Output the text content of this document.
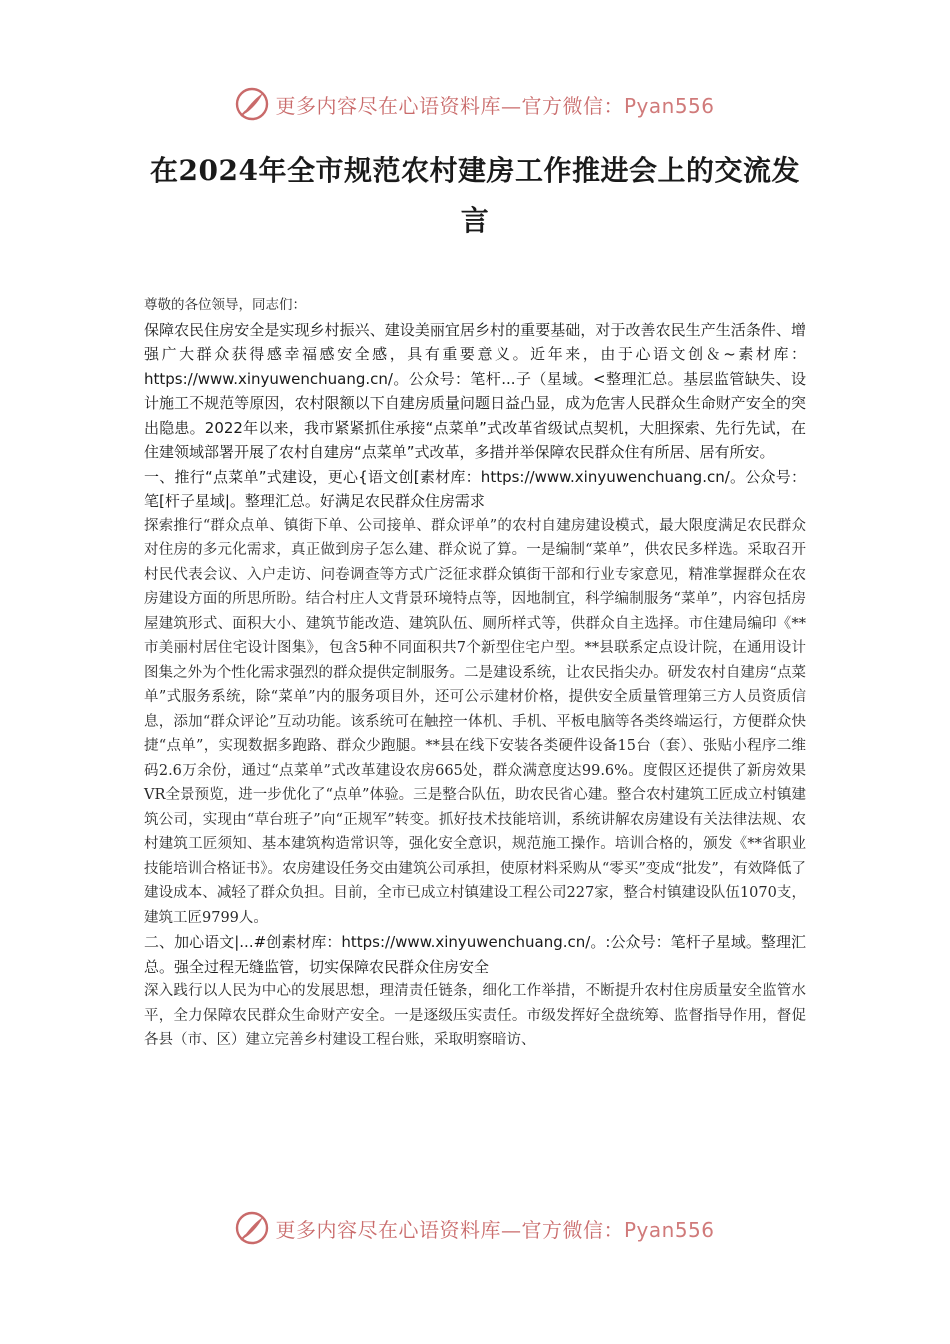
更多内容尽在心语资料库—官方微信：Pyan556
在2024年全市规范农村建房工作推进会上的交流发言

尊敬的各位领导，同志们：

保障农民住房安全是实现乡村振兴、建设美丽宜居乡村的重要基础，对于改善农民生产生活条件、增强广大群众获得感幸福感安全感，具有重要意义。近年来，由于心语文创＆~素材库：https://www.xinyuwenchuang.cn/。公众号：笔杆...子（星域。<整理汇总。基层监管缺失、设计施工不规范等原因，农村限额以下自建房质量问题日益凸显，成为危害人民群众生命财产安全的突出隐患。2022年以来，我市紧紧抓住承接“点菜单”式改革省级试点契机，大胆探索、先行先试，在住建领域部署开展了农村自建房“点菜单”式改革，多措并举保障农民群众住有所居、居有所安。

一、推行“点菜单”式建设，更心{语文创[素材库：https://www.xinyuwenchuang.cn/。公众号：笔[杆子星域|。整理汇总。好满足农民群众住房需求

探索推行“群众点单、镇街下单、公司接单、群众评单”的农村自建房建设模式，最大限度满足农民群众对住房的多元化需求，真正做到房子怎么建、群众说了算。一是编制“菜单”，供农民多样选。采取召开村民代表会议、入户走访、问卷调查等方式广泛征求群众镇街干部和行业专家意见，精准掌握群众在农房建设方面的所思所盼。结合村庄人文背景环境特点等，因地制宜，科学编制服务“菜单”，内容包括房屋建筑形式、面积大小、建筑节能改造、建筑队伍、厕所样式等，供群众自主选择。市住建局编印《**市美丽村居住宅设计图集》，包含5种不同面积共7个新型住宅户型。**县联系定点设计院，在通用设计图集之外为个性化需求强烈的群众提供定制服务。二是建设系统，让农民指尖办。研发农村自建房“点菜单”式服务系统，除“菜单”内的服务项目外，还可公示建材价格，提供安全质量管理第三方人员资质信息，添加“群众评论”互动功能。该系统可在触控一体机、手机、平板电脑等各类终端运行，方便群众快捷“点单”，实现数据多跑路、群众少跑腿。**县在线下安装各类硬件设备15台（套）、张贴小程序二维码2.6万余份，通过“点菜单”式改革建设农房665处，群众满意度达99.6%。度假区还提供了新房效果VR全景预览，进一步优化了“点单”体验。三是整合队伍，助农民省心建。整合农村建筑工匠成立村镇建筑公司，实现由“草台班子”向“正规军”转变。抓好技术技能培训，系统讲解农房建设有关法律法规、农村建筑工匠须知、基本建筑构造常识等，强化安全意识，规范施工操作。培训合格的，颁发《**省职业技能培训合格证书》。农房建设任务交由建筑公司承担，使原材料采购从“零买”变成“批发”，有效降低了建设成本、减轻了群众负担。目前，全市已成立村镇建设工程公司227家，整合村镇建设队伍1070支，建筑工匠9799人。

二、加心语文|...#创素材库：https://www.xinyuwenchuang.cn/。:公众号：笔杆子星域。整理汇总。强全过程无缝监管，切实保障农民群众住房安全

深入践行以人民为中心的发展思想，理清责任链条，细化工作举措，不断提升农村住房质量安全监管水平，全力保障农民群众生命财产安全。一是逐级压实责任。市级发挥好全盘统筹、监督指导作用，督促各县（市、区）建立完善乡村建设工程台账，采取明察暗访、

更多内容尽在心语资料库—官方微信：Pyan556
